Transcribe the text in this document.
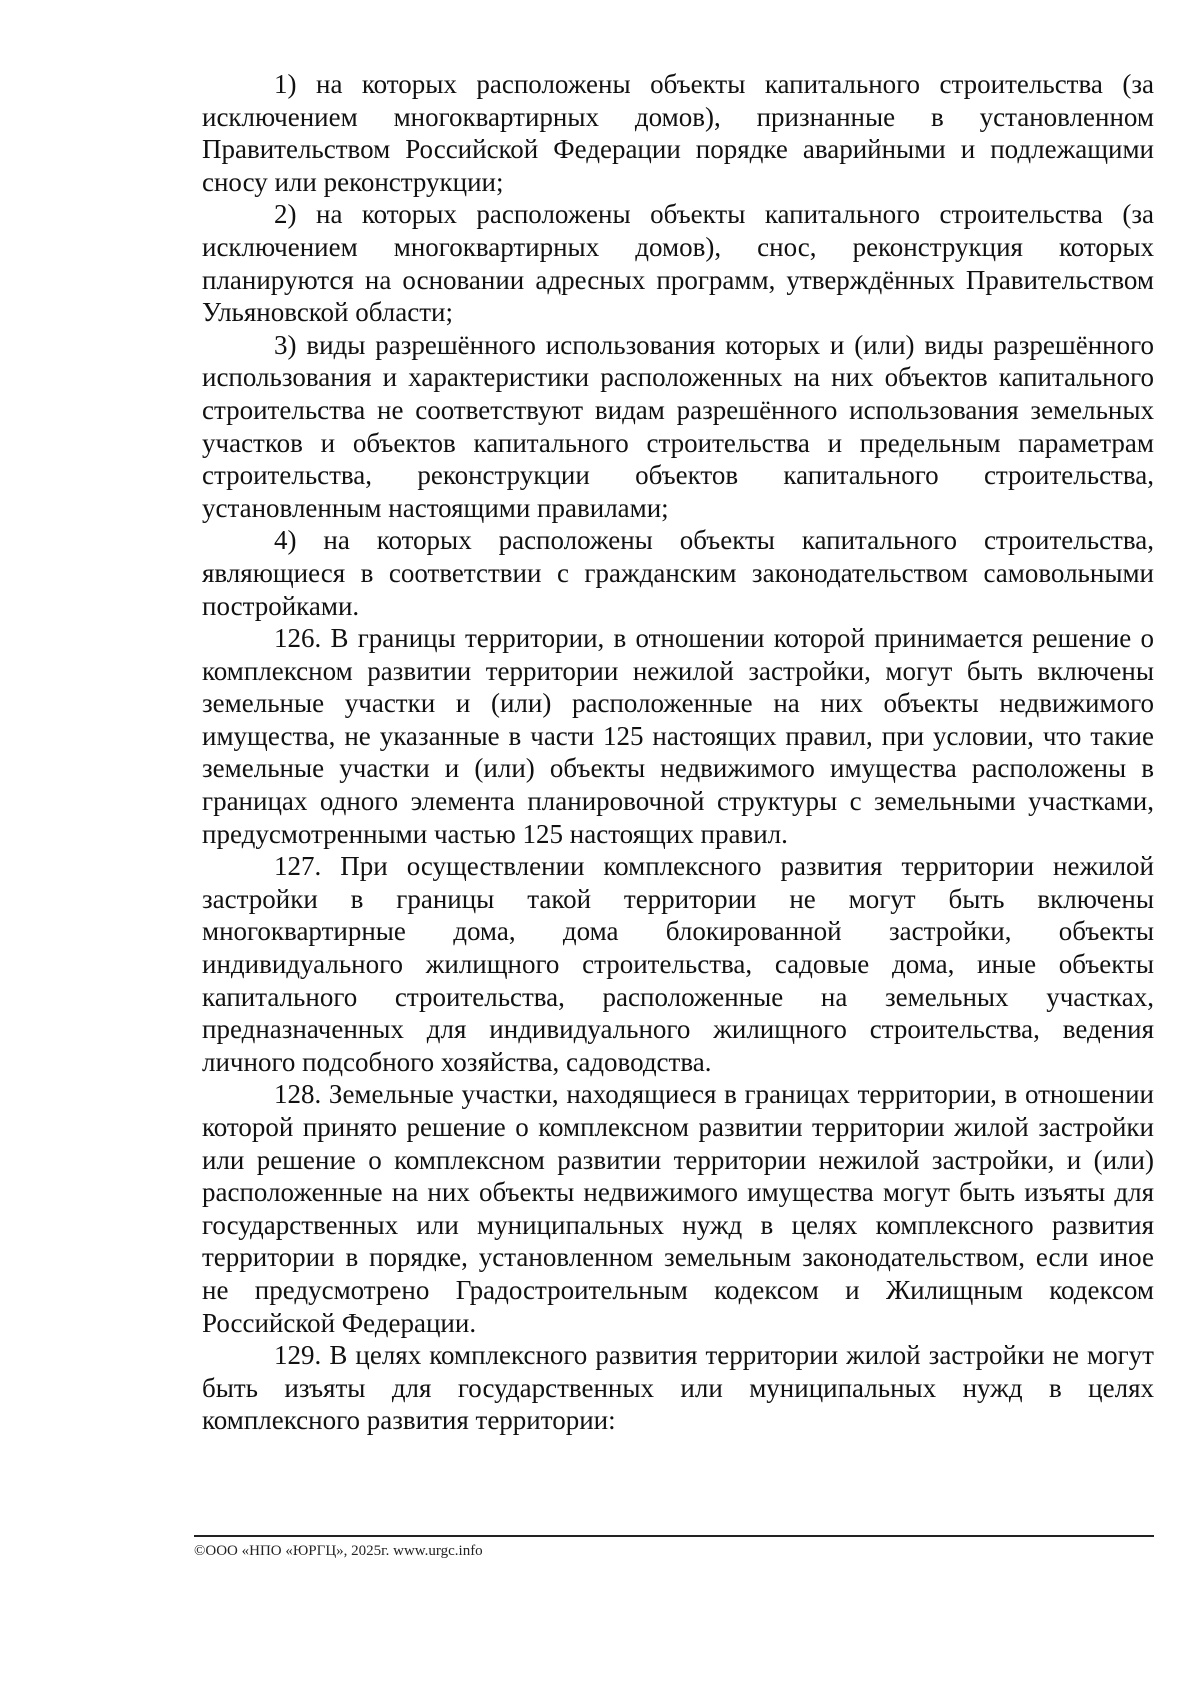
1) на которых расположены объекты капитального строительства (за исключением многоквартирных домов), признанные в установленном Правительством Российской Федерации порядке аварийными и подлежащими сносу или реконструкции;

2) на которых расположены объекты капитального строительства (за исключением многоквартирных домов), снос, реконструкция которых планируются на основании адресных программ, утверждённых Правительством Ульяновской области;

3) виды разрешённого использования которых и (или) виды разрешённого использования и характеристики расположенных на них объектов капитального строительства не соответствуют видам разрешённого использования земельных участков и объектов капитального строительства и предельным параметрам строительства, реконструкции объектов капитального строительства, установленным настоящими правилами;

4) на которых расположены объекты капитального строительства, являющиеся в соответствии с гражданским законодательством самовольными постройками.

126. В границы территории, в отношении которой принимается решение о комплексном развитии территории нежилой застройки, могут быть включены земельные участки и (или) расположенные на них объекты недвижимого имущества, не указанные в части 125 настоящих правил, при условии, что такие земельные участки и (или) объекты недвижимого имущества расположены в границах одного элемента планировочной структуры с земельными участками, предусмотренными частью 125 настоящих правил.

127. При осуществлении комплексного развития территории нежилой застройки в границы такой территории не могут быть включены многоквартирные дома, дома блокированной застройки, объекты индивидуального жилищного строительства, садовые дома, иные объекты капитального строительства, расположенные на земельных участках, предназначенных для индивидуального жилищного строительства, ведения личного подсобного хозяйства, садоводства.

128. Земельные участки, находящиеся в границах территории, в отношении которой принято решение о комплексном развитии территории жилой застройки или решение о комплексном развитии территории нежилой застройки, и (или) расположенные на них объекты недвижимого имущества могут быть изъяты для государственных или муниципальных нужд в целях комплексного развития территории в порядке, установленном земельным законодательством, если иное не предусмотрено Градостроительным кодексом и Жилищным кодексом Российской Федерации.

129. В целях комплексного развития территории жилой застройки не могут быть изъяты для государственных или муниципальных нужд в целях комплексного развития территории:

©ООО «НПО «ЮРГЦ», 2025г. www.urgc.info
